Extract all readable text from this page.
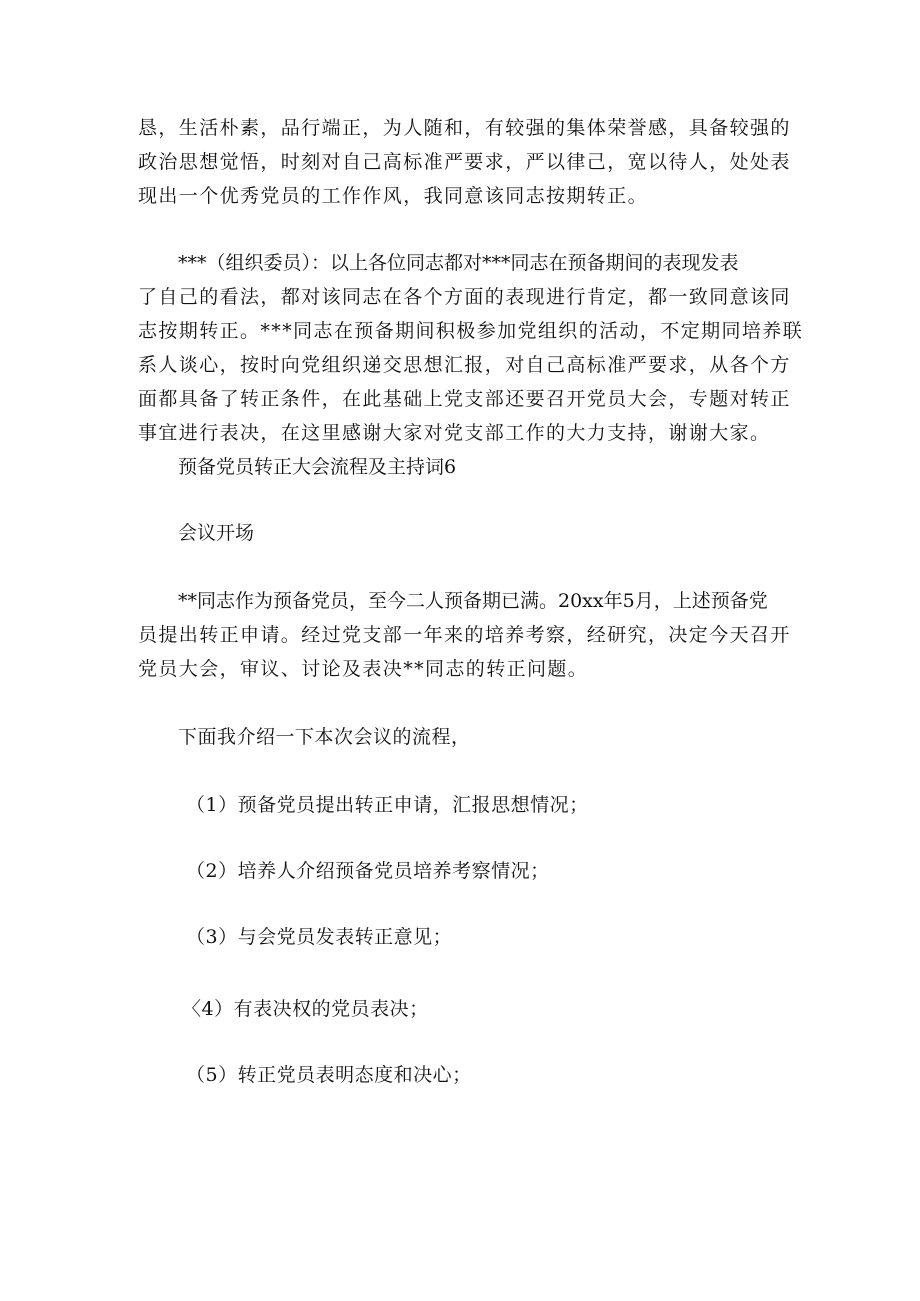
恳，生活朴素，品行端正，为人随和，有较强的集体荣誉感，具备较强的
政治思想觉悟，时刻对自己高标准严要求，严以律己，宽以待人，处处表
现出一个优秀党员的工作作风，我同意该同志按期转正。
***（组织委员）：以上各位同志都对***同志在预备期间的表现发表
了自己的看法，都对该同志在各个方面的表现进行肯定，都一致同意该同
志按期转正。***同志在预备期间积极参加党组织的活动，不定期同培养联
系人谈心，按时向党组织递交思想汇报，对自己高标准严要求，从各个方
面都具备了转正条件，在此基础上党支部还要召开党员大会，专题对转正
事宜进行表决，在这里感谢大家对党支部工作的大力支持，谢谢大家。
预备党员转正大会流程及主持词6
会议开场
**同志作为预备党员，至今二人预备期已满。20xx年5月，上述预备党
员提出转正申请。经过党支部一年来的培养考察，经研究，决定今天召开
党员大会，审议、讨论及表决**同志的转正问题。
下面我介绍一下本次会议的流程，
（1）预备党员提出转正申请，汇报思想情况；
（2）培养人介绍预备党员培养考察情况；
（3）与会党员发表转正意见；
〈4）有表决权的党员表决；
（5）转正党员表明态度和决心；
